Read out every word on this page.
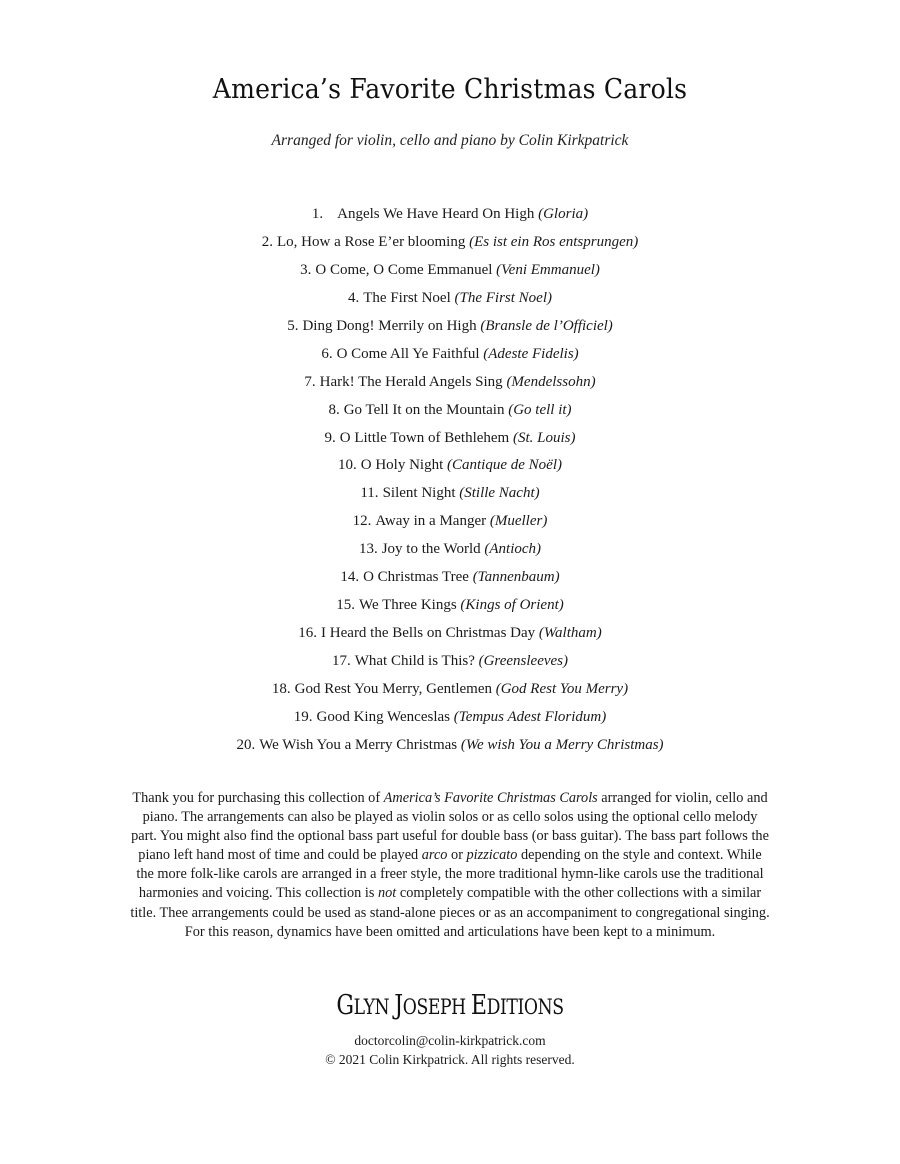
America’s Favorite Christmas Carols
Arranged for violin, cello and piano by Colin Kirkpatrick
1. Angels We Have Heard On High (Gloria)
2. Lo, How a Rose E’er blooming (Es ist ein Ros entsprungen)
3. O Come, O Come Emmanuel (Veni Emmanuel)
4. The First Noel (The First Noel)
5. Ding Dong! Merrily on High (Bransle de l’Officiel)
6. O Come All Ye Faithful (Adeste Fidelis)
7. Hark! The Herald Angels Sing (Mendelssohn)
8. Go Tell It on the Mountain (Go tell it)
9. O Little Town of Bethlehem (St. Louis)
10. O Holy Night (Cantique de Noël)
11. Silent Night (Stille Nacht)
12. Away in a Manger (Mueller)
13. Joy to the World (Antioch)
14. O Christmas Tree (Tannenbaum)
15. We Three Kings (Kings of Orient)
16. I Heard the Bells on Christmas Day (Waltham)
17. What Child is This? (Greensleeves)
18. God Rest You Merry, Gentlemen (God Rest You Merry)
19. Good King Wenceslas (Tempus Adest Floridum)
20. We Wish You a Merry Christmas (We wish You a Merry Christmas)

Thank you for purchasing this collection of America’s Favorite Christmas Carols arranged for violin, cello and piano. The arrangements can also be played as violin solos or as cello solos using the optional cello melody part. You might also find the optional bass part useful for double bass (or bass guitar). The bass part follows the piano left hand most of time and could be played arco or pizzicato depending on the style and context. While the more folk-like carols are arranged in a freer style, the more traditional hymn-like carols use the traditional harmonies and voicing. This collection is not completely compatible with the other collections with a similar title. Thee arrangements could be used as stand-alone pieces or as an accompaniment to congregational singing. For this reason, dynamics have been omitted and articulations have been kept to a minimum.

GLYN JOSEPH EDITIONS
doctorcolin@colin-kirkpatrick.com
© 2021 Colin Kirkpatrick. All rights reserved.
